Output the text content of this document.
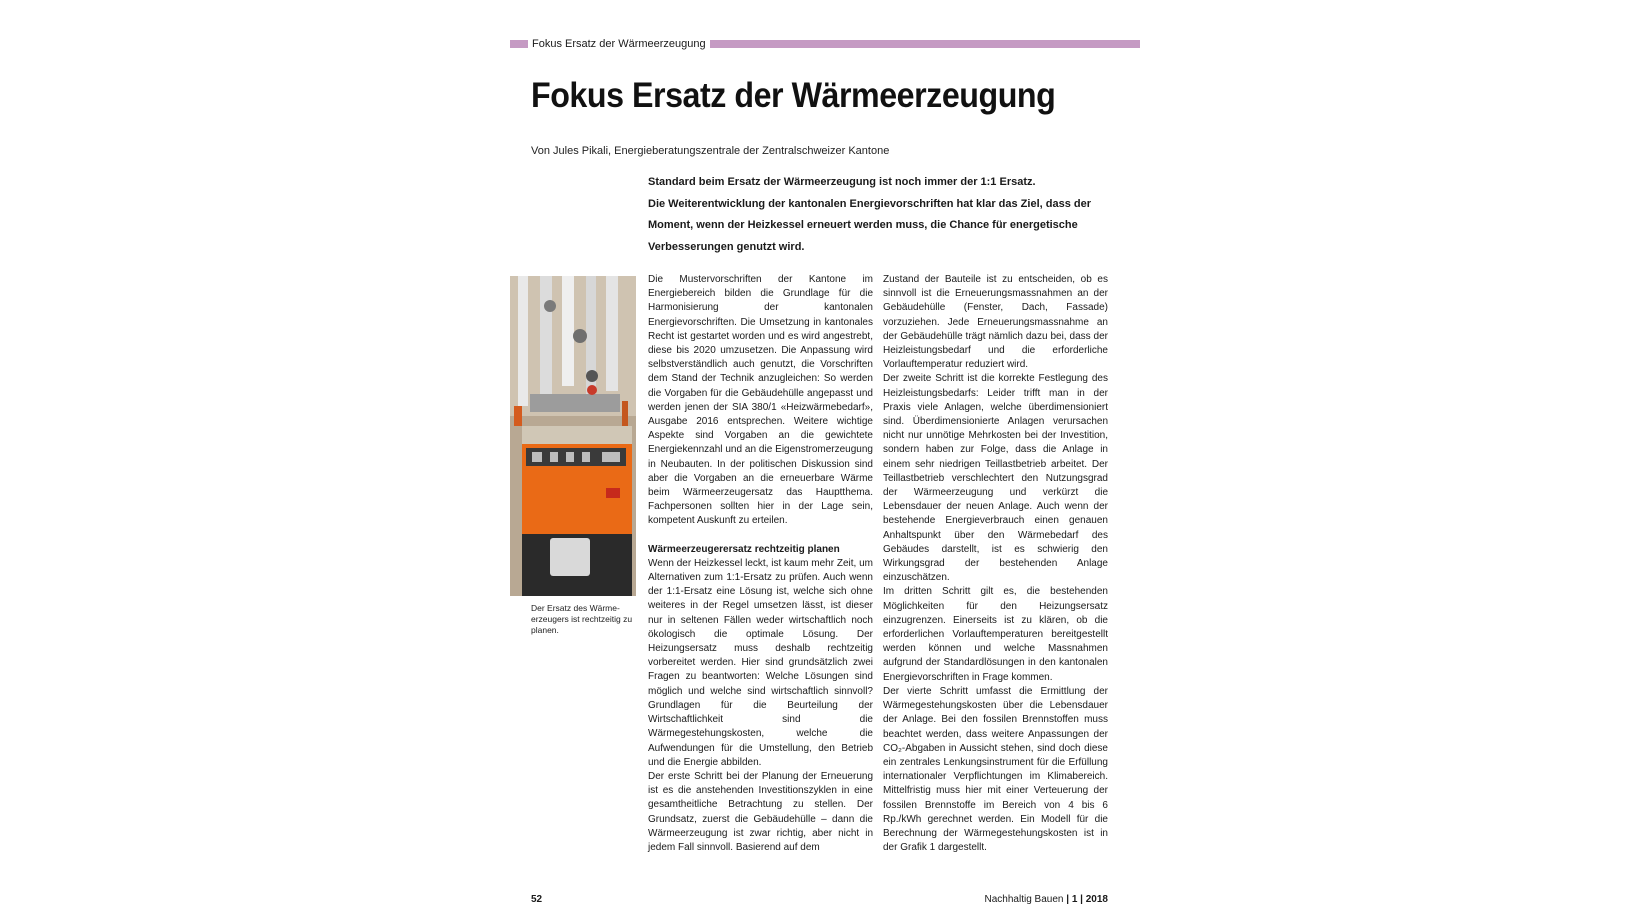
Fokus Ersatz der Wärmeerzeugung
Fokus Ersatz der Wärmeerzeugung
Von Jules Pikali, Energieberatungszentrale der Zentralschweizer Kantone

Standard beim Ersatz der Wärmeerzeugung ist noch immer der 1:1 Ersatz.

Die Weiterentwicklung der kantonalen Energievorschriften hat klar das Ziel, dass der Moment, wenn der Heizkessel erneuert werden muss, die Chance für energetische Verbesserungen genutzt wird.

Der Ersatz des Wärme- erzeugers ist rechtzeitig zu planen.

Die Mustervorschriften der Kantone im Energiebereich bilden die Grundlage für die Harmonisierung der kantonalen Energievorschriften. Die Umsetzung in kantonales Recht ist gestartet worden und es wird angestrebt, diese bis 2020 umzusetzen. Die Anpassung wird selbstverständlich auch genutzt, die Vorschriften dem Stand der Technik anzugleichen: So werden die Vorgaben für die Gebäudehülle angepasst und werden jenen der SIA 380/1 «Heizwärmebedarf», Ausgabe 2016 entsprechen. Weitere wichtige Aspekte sind Vorgaben an die gewichtete Energiekennzahl und an die Eigenstromerzeugung in Neubauten. In der politischen Diskussion sind aber die Vorgaben an die erneuerbare Wärme beim Wärmeerzeugersatz das Hauptthema. Fachpersonen sollten hier in der Lage sein, kompetent Auskunft zu erteilen.

Wärmeerzeugerersatz rechtzeitig planen

Wenn der Heizkessel leckt, ist kaum mehr Zeit, um Alternativen zum 1:1-Ersatz zu prüfen. Auch wenn der 1:1-Ersatz eine Lösung ist, welche sich ohne weiteres in der Regel umsetzen lässt, ist dieser nur in seltenen Fällen weder wirtschaftlich noch ökologisch die optimale Lösung. Der Heizungsersatz muss deshalb rechtzeitig vorbereitet werden. Hier sind grundsätzlich zwei Fragen zu beantworten: Welche Lösungen sind möglich und welche sind wirtschaftlich sinnvoll? Grundlagen für die Beurteilung der Wirtschaftlichkeit sind die Wärmegestehungskosten, welche die Aufwendungen für die Umstellung, den Betrieb und die Energie abbilden.

Der erste Schritt bei der Planung der Erneuerung ist es die anstehenden Investitionszyklen in eine gesamtheitliche Betrachtung zu stellen. Der Grundsatz, zuerst die Gebäudehülle – dann die Wärmeerzeugung ist zwar richtig, aber nicht in jedem Fall sinnvoll. Basierend auf dem

Zustand der Bauteile ist zu entscheiden, ob es sinnvoll ist die Erneuerungsmassnahmen an der Gebäudehülle (Fenster, Dach, Fassade) vorzuziehen. Jede Erneuerungsmassnahme an der Gebäudehülle trägt nämlich dazu bei, dass der Heizleistungsbedarf und die erforderliche Vorlauftemperatur reduziert wird.

Der zweite Schritt ist die korrekte Festlegung des Heizleistungsbedarfs: Leider trifft man in der Praxis viele Anlagen, welche überdimensioniert sind. Überdimensionierte Anlagen verursachen nicht nur unnötige Mehrkosten bei der Investition, sondern haben zur Folge, dass die Anlage in einem sehr niedrigen Teillastbetrieb arbeitet. Der Teillastbetrieb verschlechtert den Nutzungsgrad der Wärmeerzeugung und verkürzt die Lebensdauer der neuen Anlage. Auch wenn der bestehende Energieverbrauch einen genauen Anhaltspunkt über den Wärmebedarf des Gebäudes darstellt, ist es schwierig den Wirkungsgrad der bestehenden Anlage einzuschätzen.

Im dritten Schritt gilt es, die bestehenden Möglichkeiten für den Heizungsersatz einzugrenzen. Einerseits ist zu klären, ob die erforderlichen Vorlauftemperaturen bereitgestellt werden können und welche Massnahmen aufgrund der Standardlösungen in den kantonalen Energievorschriften in Frage kommen.

Der vierte Schritt umfasst die Ermittlung der Wärmegestehungskosten über die Lebensdauer der Anlage. Bei den fossilen Brennstoffen muss beachtet werden, dass weitere Anpassungen der CO₂-Abgaben in Aussicht stehen, sind doch diese ein zentrales Lenkungsinstrument für die Erfüllung internationaler Verpflichtungen im Klimabereich. Mittelfristig muss hier mit einer Verteuerung der fossilen Brennstoffe im Bereich von 4 bis 6 Rp./kWh gerechnet werden. Ein Modell für die Berechnung der Wärmegestehungskosten ist in der Grafik 1 dargestellt.

52	Nachhaltig Bauen | 1 | 2018
